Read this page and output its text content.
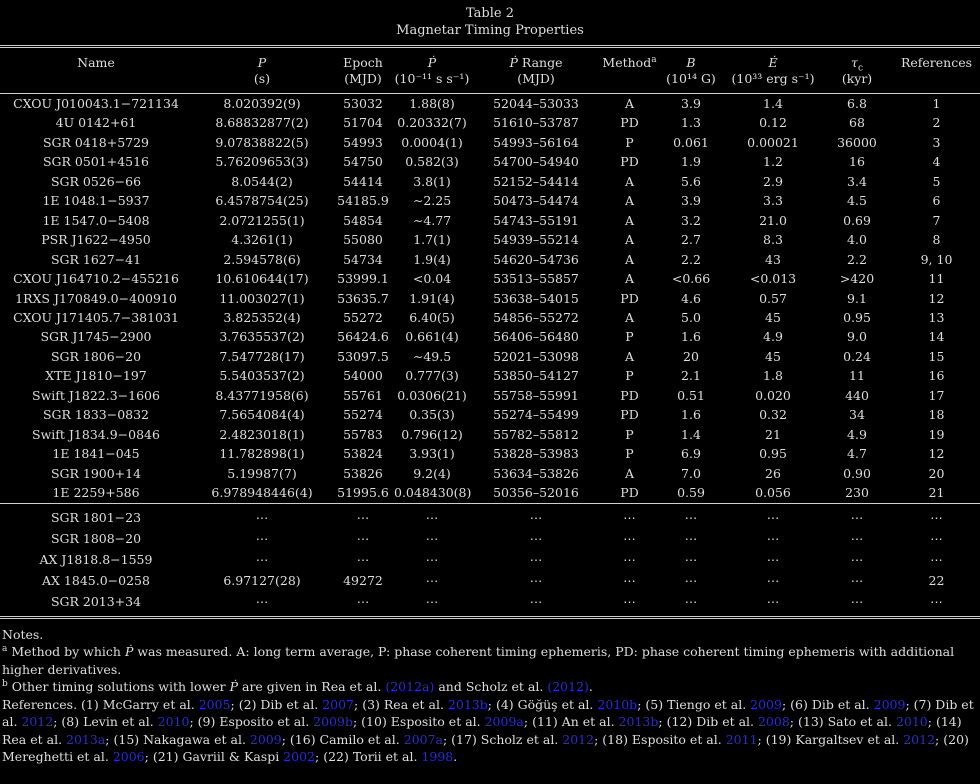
Table 2
Magnetar Timing Properties
Name	P	Epoch	Ṗ	Ṗ Range	Method$^a$	B	Ė	$\tau_c$	References
	(s)	(MJD)	(10⁻¹¹ s s⁻¹)	(MJD)		(10¹⁴ G)	(10³³ erg s⁻¹)	(kyr)	
CXOU J010043.1−721134	8.020392(9)	53032	1.88(8)	52044–53033	A	3.9	1.4	6.8	1
4U 0142+61	8.68832877(2)	51704	0.20332(7)	51610–53787	PD	1.3	0.12	68	2
SGR 0418+5729	9.07838822(5)	54993	0.0004(1)	54993–56164	P	0.061	0.00021	36000	3
SGR 0501+4516	5.76209653(3)	54750	0.582(3)	54700–54940	PD	1.9	1.2	16	4
SGR 0526−66	8.0544(2)	54414	3.8(1)	52152–54414	A	5.6	2.9	3.4	5
1E 1048.1−5937	6.4578754(25)	54185.9	∼2.25	50473–54474	A	3.9	3.3	4.5	6
1E 1547.0−5408	2.0721255(1)	54854	∼4.77	54743–55191	A	3.2	21.0	0.69	7
PSR J1622−4950	4.3261(1)	55080	1.7(1)	54939–55214	A	2.7	8.3	4.0	8
SGR 1627−41	2.594578(6)	54734	1.9(4)	54620–54736	A	2.2	43	2.2	9, 10
CXOU J164710.2−455216	10.610644(17)	53999.1	<0.04	53513–55857	A	<0.66	<0.013	>420	11
1RXS J170849.0−400910	11.003027(1)	53635.7	1.91(4)	53638–54015	PD	4.6	0.57	9.1	12
CXOU J171405.7−381031	3.825352(4)	55272	6.40(5)	54856–55272	A	5.0	45	0.95	13
SGR J1745−2900	3.7635537(2)	56424.6	0.661(4)	56406–56480	P	1.6	4.9	9.0	14
SGR 1806−20	7.547728(17)	53097.5	∼49.5	52021–53098	A	20	45	0.24	15
XTE J1810−197	5.5403537(2)	54000	0.777(3)	53850–54127	P	2.1	1.8	11	16
Swift J1822.3−1606	8.43771958(6)	55761	0.0306(21)	55758–55991	PD	0.51	0.020	440	17
SGR 1833−0832	7.5654084(4)	55274	0.35(3)	55274–55499	PD	1.6	0.32	34	18
Swift J1834.9−0846	2.4823018(1)	55783	0.796(12)	55782–55812	P	1.4	21	4.9	19
1E 1841−045	11.782898(1)	53824	3.93(1)	53828–53983	P	6.9	0.95	4.7	12
SGR 1900+14	5.19987(7)	53826	9.2(4)	53634–53826	A	7.0	26	0.90	20
1E 2259+586	6.978948446(4)	51995.6	0.048430(8)	50356–52016	PD	0.59	0.056	230	21
SGR 1801−23	⋯	⋯	⋯	⋯	⋯	⋯	⋯	⋯	⋯
SGR 1808−20	⋯	⋯	⋯	⋯	⋯	⋯	⋯	⋯	⋯
AX J1818.8−1559	⋯	⋯	⋯	⋯	⋯	⋯	⋯	⋯	⋯
AX 1845.0−0258	6.97127(28)	49272	⋯	⋯	⋯	⋯	⋯	⋯	22
SGR 2013+34	⋯	⋯	⋯	⋯	⋯	⋯	⋯	⋯	⋯

Notes.

$^a$ Method by which Ṗ was measured. A: long term average, P: phase coherent timing ephemeris, PD: phase coherent timing ephemeris with additional higher derivatives.

$^b$ Other timing solutions with lower Ṗ are given in Rea et al. (2012a) and Scholz et al. (2012).

References. (1) McGarry et al. 2005; (2) Dib et al. 2007; (3) Rea et al. 2013b; (4) Göğüş et al. 2010b; (5) Tiengo et al. 2009; (6) Dib et al. 2009; (7) Dib et al. 2012; (8) Levin et al. 2010; (9) Esposito et al. 2009b; (10) Esposito et al. 2009a; (11) An et al. 2013b; (12) Dib et al. 2008; (13) Sato et al. 2010; (14) Rea et al. 2013a; (15) Nakagawa et al. 2009; (16) Camilo et al. 2007a; (17) Scholz et al. 2012; (18) Esposito et al. 2011; (19) Kargaltsev et al. 2012; (20) Mereghetti et al. 2006; (21) Gavriil & Kaspi 2002; (22) Torii et al. 1998.
